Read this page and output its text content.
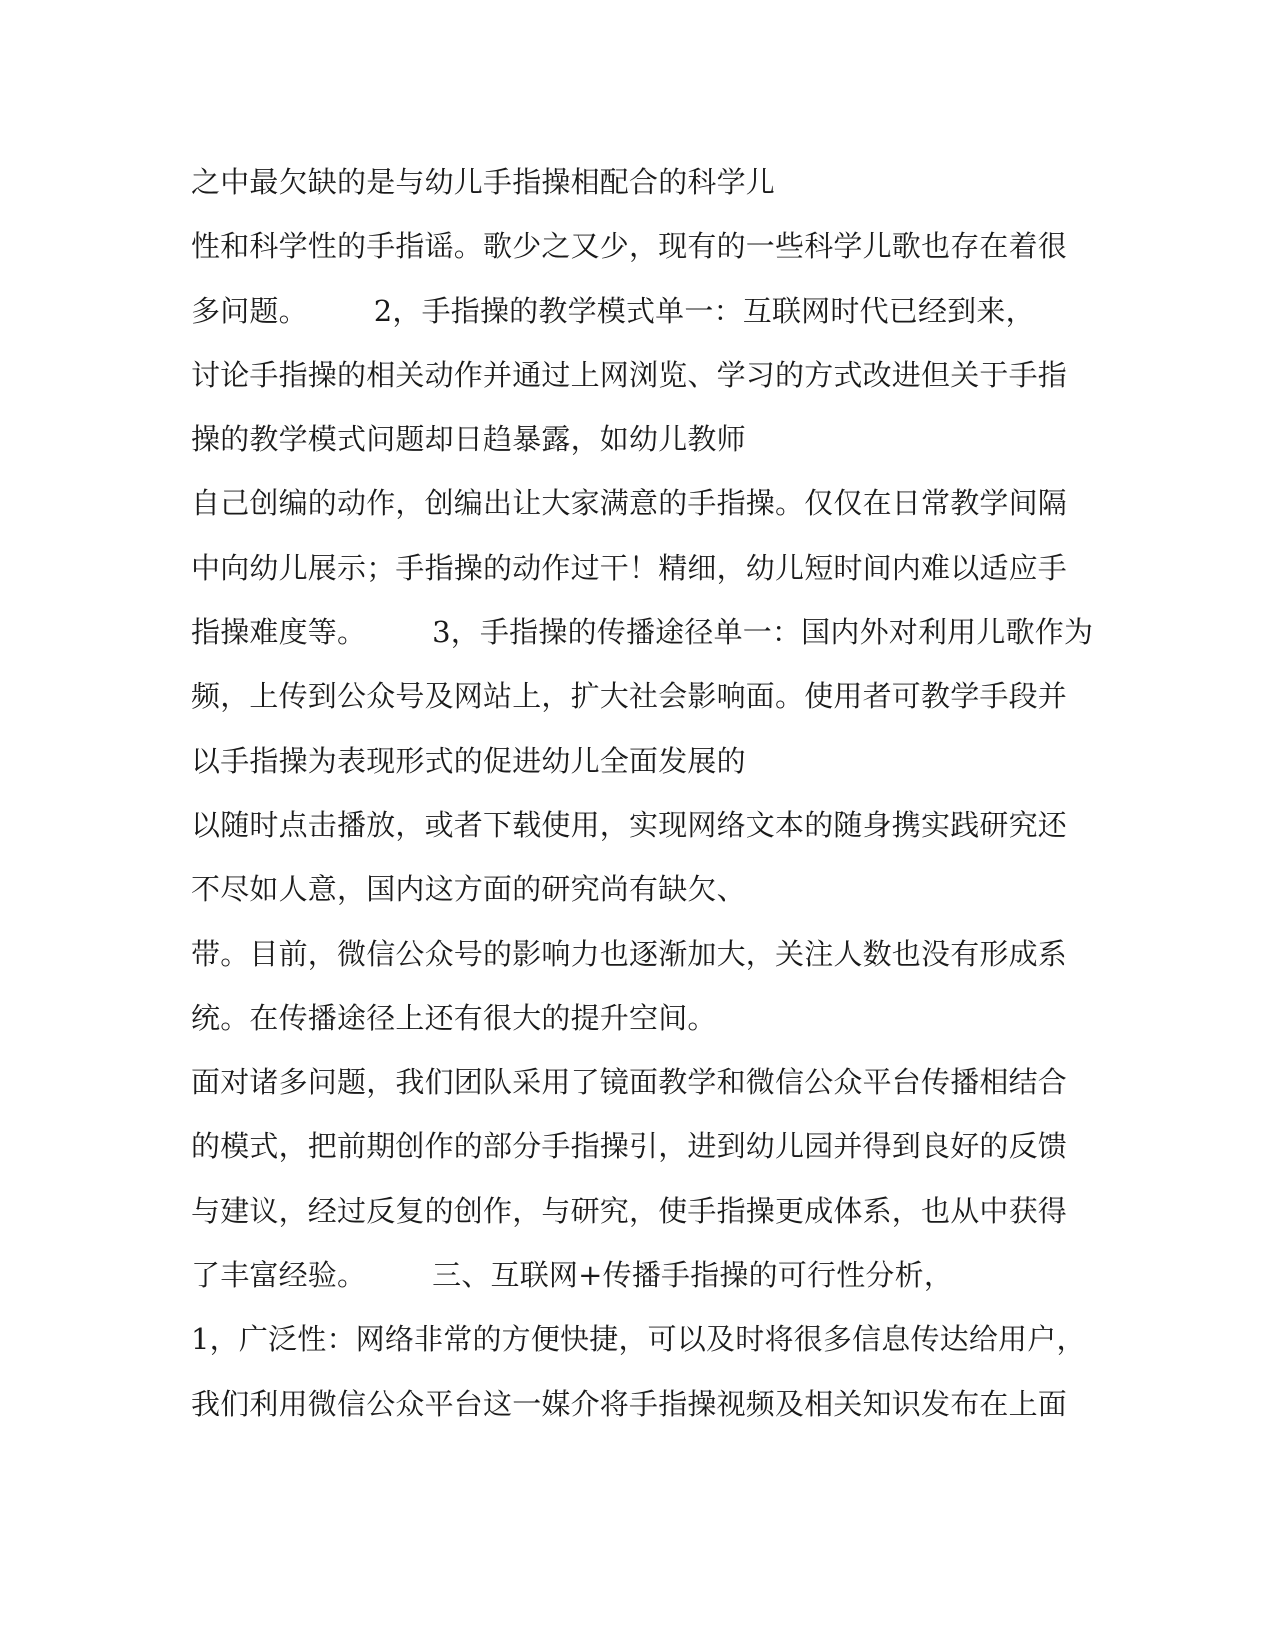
之中最欠缺的是与幼儿手指操相配合的科学儿
性和科学性的手指谣。歌少之又少，现有的一些科学儿歌也存在着很
多问题。       2，手指操的教学模式单一：互联网时代已经到来，
讨论手指操的相关动作并通过上网浏览、学习的方式改进但关于手指
操的教学模式问题却日趋暴露，如幼儿教师
自己创编的动作，创编出让大家满意的手指操。仅仅在日常教学间隔
中向幼儿展示；手指操的动作过干！精细，幼儿短时间内难以适应手
指操难度等。       3，手指操的传播途径单一：国内外对利用儿歌作为
频，上传到公众号及网站上，扩大社会影响面。使用者可教学手段并
以手指操为表现形式的促进幼儿全面发展的
以随时点击播放，或者下载使用，实现网络文本的随身携实践研究还
不尽如人意，国内这方面的研究尚有缺欠、
带。目前，微信公众号的影响力也逐渐加大，关注人数也没有形成系
统。在传播途径上还有很大的提升空间。
面对诸多问题，我们团队采用了镜面教学和微信公众平台传播相结合
的模式，把前期创作的部分手指操引，进到幼儿园并得到良好的反馈
与建议，经过反复的创作，与研究，使手指操更成体系，也从中获得
了丰富经验。       三、互联网+传播手指操的可行性分析，
1，广泛性：网络非常的方便快捷，可以及时将很多信息传达给用户，
我们利用微信公众平台这一媒介将手指操视频及相关知识发布在上面
